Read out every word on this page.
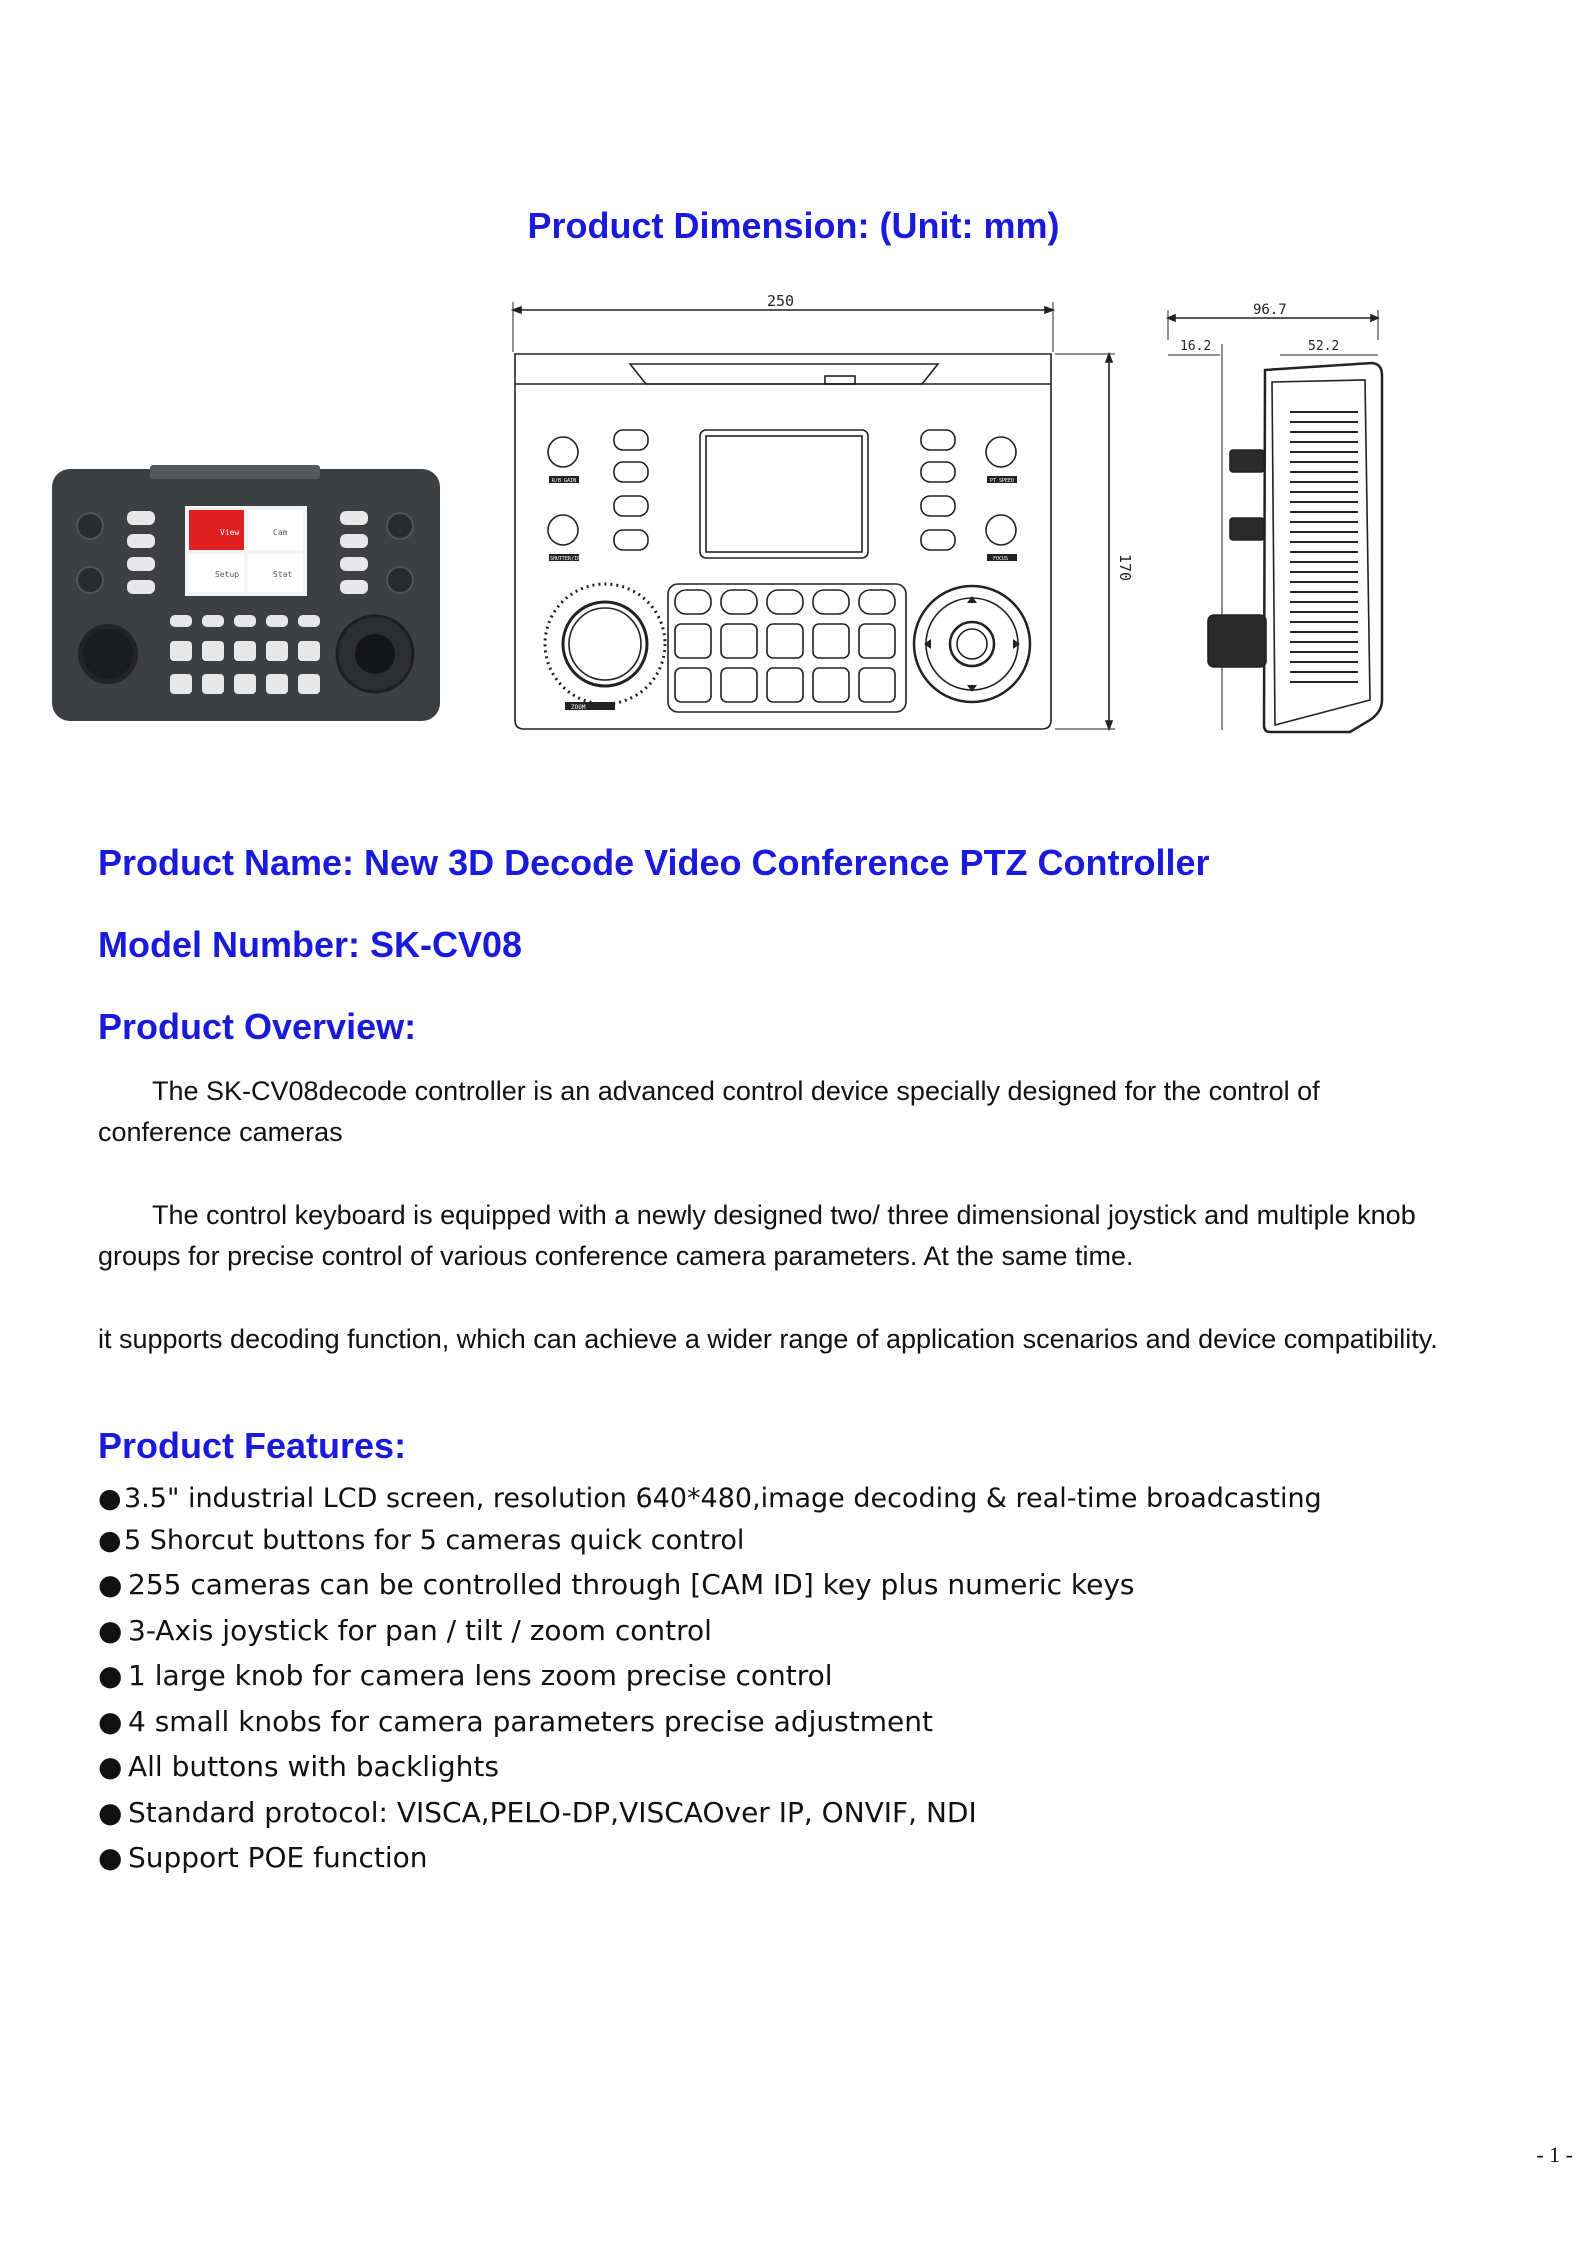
Product Dimension: (Unit: mm)
View	Cam
Setup	Stat
250
170
R/B GAIN
SHUTTER/IRIS
PT SPEED
FOCUS
ZOOM
96.7
16.2	52.2
Product Name: New 3D Decode Video Conference PTZ Controller
Model Number: SK-CV08
Product Overview:
The SK-CV08decode controller is an advanced control device specially designed for the control of
conference cameras
The control keyboard is equipped with a newly designed two/ three dimensional joystick and multiple knob
groups for precise control of various conference camera parameters. At the same time.
it supports decoding function, which can achieve a wider range of application scenarios and device compatibility.
Product Features:
●3.5" industrial LCD screen, resolution 640*480,image decoding & real-time broadcasting
●5 Shorcut buttons for 5 cameras quick control
● 255 cameras can be controlled through [CAM ID] key plus numeric keys
● 3-Axis joystick for pan / tilt / zoom control
● 1 large knob for camera lens zoom precise control
● 4 small knobs for camera parameters precise adjustment
● All buttons with backlights
● Standard protocol: VISCA,PELO-DP,VISCAOver IP, ONVIF, NDI
● Support POE function
- 1 -
